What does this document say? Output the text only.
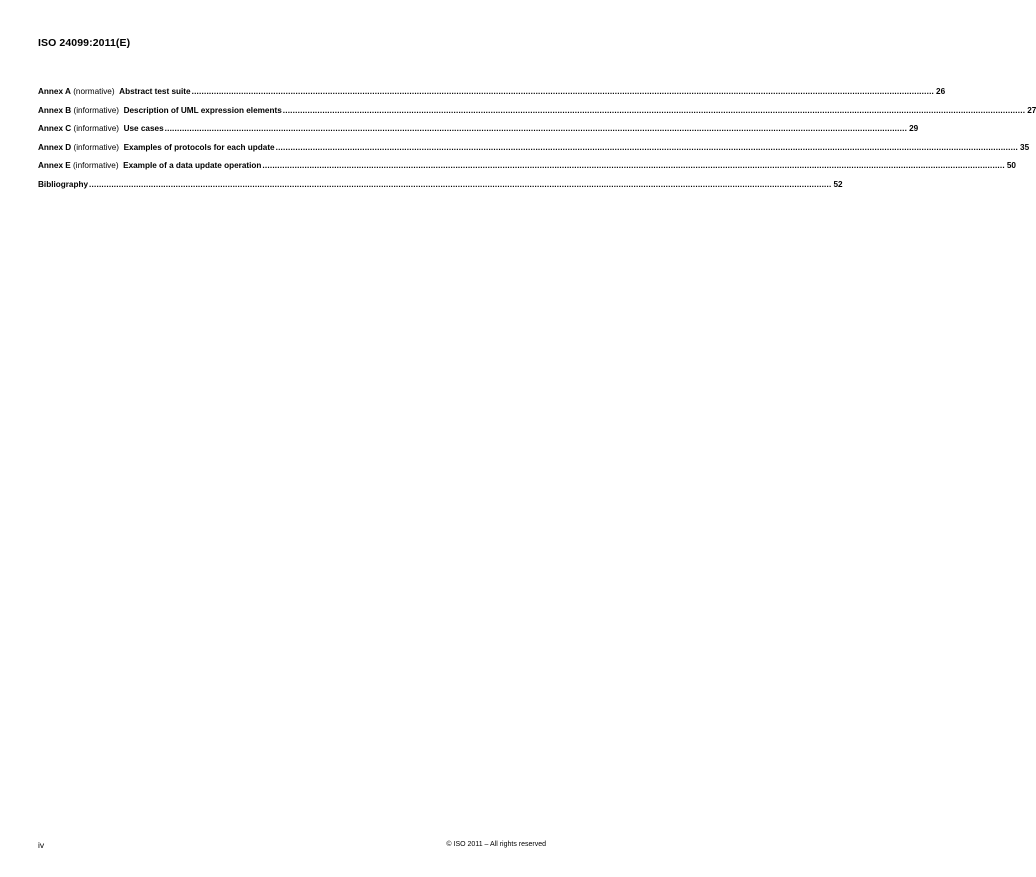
ISO 24099:2011(E)
Annex A (normative) Abstract test suite ............................................................................................................................................................................................................................................................................................................ 26
Annex B (informative) Description of UML expression elements ............................................................................................................................................................................................................................................................................................................ 27
Annex C (informative) Use cases ............................................................................................................................................................................................................................................................................................................ 29
Annex D (informative) Examples of protocols for each update ............................................................................................................................................................................................................................................................................................................ 35
Annex E (informative) Example of a data update operation ............................................................................................................................................................................................................................................................................................................ 50
Bibliography ............................................................................................................................................................................................................................................................................................................ 52
iv	© ISO 2011 – All rights reserved
